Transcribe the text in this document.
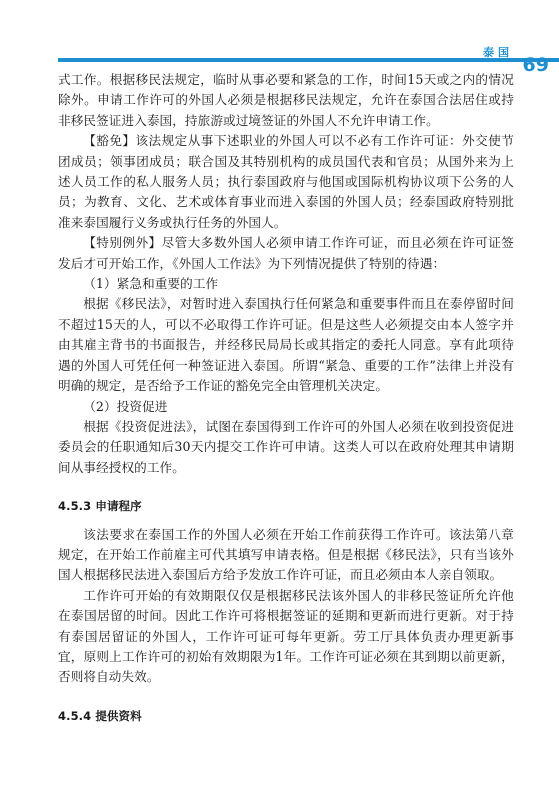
泰国
69

式工作。根据移民法规定，临时从事必要和紧急的工作，时间15天或之内的情况除外。申请工作许可的外国人必须是根据移民法规定，允许在泰国合法居住或持非移民签证进入泰国，持旅游或过境签证的外国人不允许申请工作。

【豁免】该法规定从事下述职业的外国人可以不必有工作许可证：外交使节团成员；领事团成员；联合国及其特别机构的成员国代表和官员；从国外来为上述人员工作的私人服务人员；执行泰国政府与他国或国际机构协议项下公务的人员；为教育、文化、艺术或体育事业而进入泰国的外国人员；经泰国政府特别批准来泰国履行义务或执行任务的外国人。

【特别例外】尽管大多数外国人必须申请工作许可证，而且必须在许可证签发后才可开始工作，《外国人工作法》为下列情况提供了特别的待遇：

（1）紧急和重要的工作

根据《移民法》，对暂时进入泰国执行任何紧急和重要事件而且在泰停留时间不超过15天的人，可以不必取得工作许可证。但是这些人必须提交由本人签字并由其雇主背书的书面报告，并经移民局局长或其指定的委托人同意。享有此项待遇的外国人可凭任何一种签证进入泰国。所谓“紧急、重要的工作”法律上并没有明确的规定，是否给予工作证的豁免完全由管理机关决定。

（2）投资促进

根据《投资促进法》，试图在泰国得到工作许可的外国人必须在收到投资促进委员会的任职通知后30天内提交工作许可申请。这类人可以在政府处理其申请期间从事经授权的工作。

4.5.3 申请程序

该法要求在泰国工作的外国人必须在开始工作前获得工作许可。该法第八章规定，在开始工作前雇主可代其填写申请表格。但是根据《移民法》，只有当该外国人根据移民法进入泰国后方给予发放工作许可证，而且必须由本人亲自领取。

工作许可开始的有效期限仅仅是根据移民法该外国人的非移民签证所允许他在泰国居留的时间。因此工作许可将根据签证的延期和更新而进行更新。对于持有泰国居留证的外国人，工作许可证可每年更新。劳工厅具体负责办理更新事宜，原则上工作许可的初始有效期限为1年。工作许可证必须在其到期以前更新，否则将自动失效。

4.5.4 提供资料
